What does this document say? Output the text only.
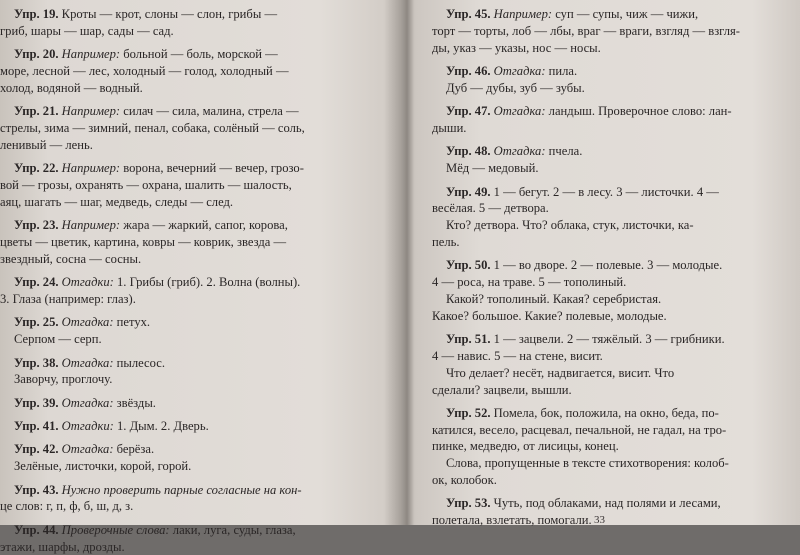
Упр. 19. Кроты — крот, слоны — слон, грибы —
гриб, шары — шар, сады — сад.
Упр. 20. Например: больной — боль, морской —
море, лесной — лес, холодный — голод, холодный —
холод, водяной — водный.
Упр. 21. Например: силач — сила, малина, стрела —
стрелы, зима — зимний, пенал, собака, солёный — соль,
ленивый — лень.
Упр. 22. Например: ворона, вечерний — вечер, грозо-
вой — грозы, охранять — охрана, шалить — шалость,
аяц, шагать — шаг, медведь, следы — след.
Упр. 23. Например: жара — жаркий, сапог, корова,
цветы — цветик, картина, ковры — коврик, звезда —
звездный, сосна — сосны.
Упр. 24. Отгадки: 1. Грибы (гриб). 2. Волна (волны).
3. Глаза (например: глаз).
Упр. 25. Отгадка: петух.
Серпом — серп.
Упр. 38. Отгадка: пылесос.
Заворчу, проглочу.
Упр. 39. Отгадка: звёзды.
Упр. 41. Отгадки: 1. Дым. 2. Дверь.
Упр. 42. Отгадка: берёза.
Зелёные, листочки, корой, горой.
Упр. 43. Нужно проверить парные согласные на кон-
це слов: г, п, ф, б, ш, д, з.
Упр. 44. Проверочные слова: лаки, луга, суды, глаза,
этажи, шарфы, дрозды.
Упр. 45. Например: суп — супы, чиж — чижи,
торт — торты, лоб — лбы, враг — враги, взгляд — взгля-
ды, указ — указы, нос — носы.
Упр. 46. Отгадка: пила.
Дуб — дубы, зуб — зубы.
Упр. 47. Отгадка: ландыш. Проверочное слово: лан-
дыши.
Упр. 48. Отгадка: пчела.
Мёд — медовый.
Упр. 49. 1 — бегут. 2 — в лесу. 3 — листочки. 4 —
весёлая. 5 — детвора.
Кто? детвора. Что? облака, стук, листочки, ка-
пель.
Упр. 50. 1 — во дворе. 2 — полевые. 3 — молодые.
4 — роса, на траве. 5 — тополиный.
Какой? тополиный. Какая? серебристая.
Какое? большое. Какие? полевые, молодые.
Упр. 51. 1 — зацвели. 2 — тяжёлый. 3 — грибники.
4 — навис. 5 — на стене, висит.
Что делает? несёт, надвигается, висит. Что
сделали? зацвели, вышли.
Упр. 52. Помела, бок, положила, на окно, беда, по-
катился, весело, расцевал, печальной, не гадал, на тро-
пинке, медведю, от лисицы, конец.
Слова, пропущенные в тексте стихотворения: колоб-
ок, колобок.
Упр. 53. Чуть, под облаками, над полями и лесами,
полетала, взлетать, помогали. 33
